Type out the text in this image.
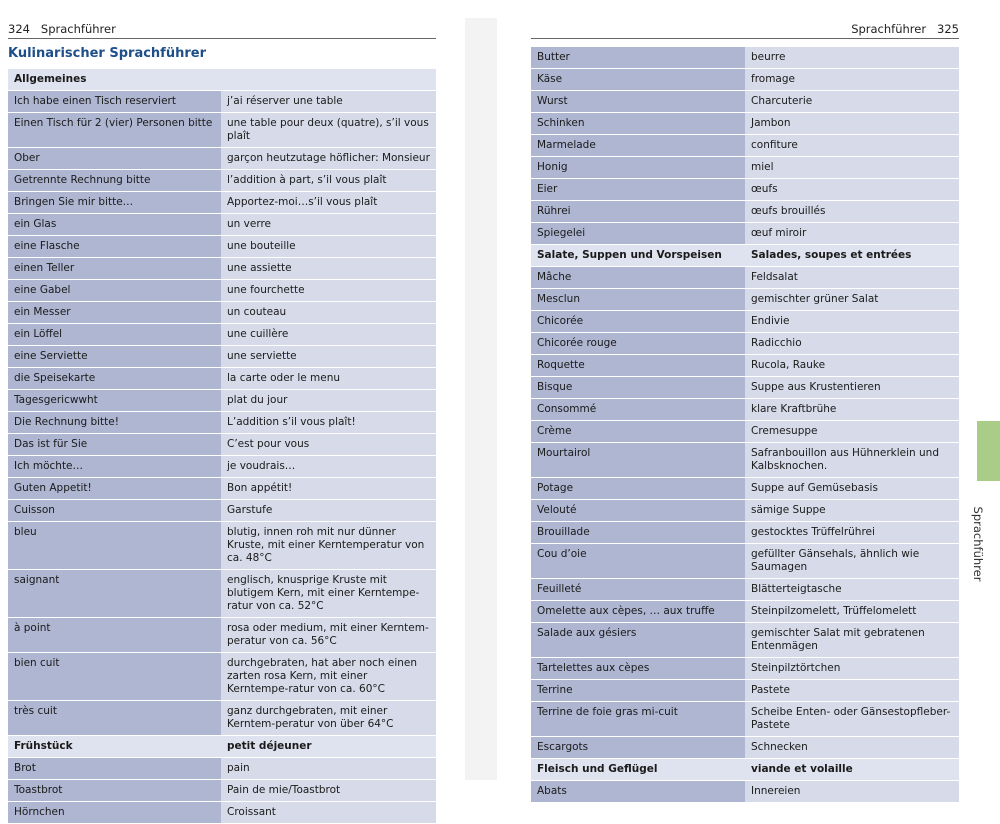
324 Sprachführer
Kulinarischer Sprachführer
Allgemeines	
Ich habe einen Tisch reserviert	j’ai réserver une table
Einen Tisch für 2 (vier) Personen bitte	une table pour deux (quatre), s’il vous plaît
Ober	garçon heutzutage höflicher: Monsieur
Getrennte Rechnung bitte	l’addition à part, s’il vous plaît
Bringen Sie mir bitte…	Apportez-moi…s’il vous plaît
ein Glas	un verre
eine Flasche	une bouteille
einen Teller	une assiette
eine Gabel	une fourchette
ein Messer	un couteau
ein Löffel	une cuillère
eine Serviette	une serviette
die Speisekarte	la carte oder le menu
Tagesgericwwht	plat du jour
Die Rechnung bitte!	L’addition s’il vous plaît!
Das ist für Sie	C’est pour vous
Ich möchte…	je voudrais…
Guten Appetit!	Bon appétit!
Cuisson	Garstufe
bleu	blutig, innen roh mit nur dünner Kruste, mit einer Kerntemperatur von ca. 48°C
saignant	englisch, knusprige Kruste mit blutigem Kern, mit einer Kerntempe-ratur von ca. 52°C
à point	rosa oder medium, mit einer Kerntem-peratur von ca. 56°C
bien cuit	durchgebraten, hat aber noch einen zarten rosa Kern, mit einer Kerntempe-ratur von ca. 60°C
très cuit	ganz durchgebraten, mit einer Kerntem-peratur von über 64°C
Frühstück	petit déjeuner
Brot	pain
Toastbrot	Pain de mie/Toastbrot
Hörnchen	Croissant
Sprachführer 325
Butter	beurre
Käse	fromage
Wurst	Charcuterie
Schinken	Jambon
Marmelade	confiture
Honig	miel
Eier	œufs
Rührei	œufs brouillés
Spiegelei	œuf miroir
Salate, Suppen und Vorspeisen	Salades, soupes et entrées
Mâche	Feldsalat
Mesclun	gemischter grüner Salat
Chicorée	Endivie
Chicorée rouge	Radicchio
Roquette	Rucola, Rauke
Bisque	Suppe aus Krustentieren
Consommé	klare Kraftbrühe
Crème	Cremesuppe
Mourtairol	Safranbouillon aus Hühnerklein und Kalbsknochen.
Potage	Suppe auf Gemüsebasis
Velouté	sämige Suppe
Brouillade	gestocktes Trüffelrührei
Cou d’oie	gefüllter Gänsehals, ähnlich wie Saumagen
Feuilleté	Blätterteigtasche
Omelette aux cèpes, … aux truffe	Steinpilzomelett, Trüffelomelett
Salade aux gésiers	gemischter Salat mit gebratenen Entenmägen
Tartelettes aux cèpes	Steinpilztörtchen
Terrine	Pastete
Terrine de foie gras mi-cuit	Scheibe Enten- oder Gänsestopfleber-Pastete
Escargots	Schnecken
Fleisch und Geflügel	viande et volaille
Abats	Innereien
Sprachführer
